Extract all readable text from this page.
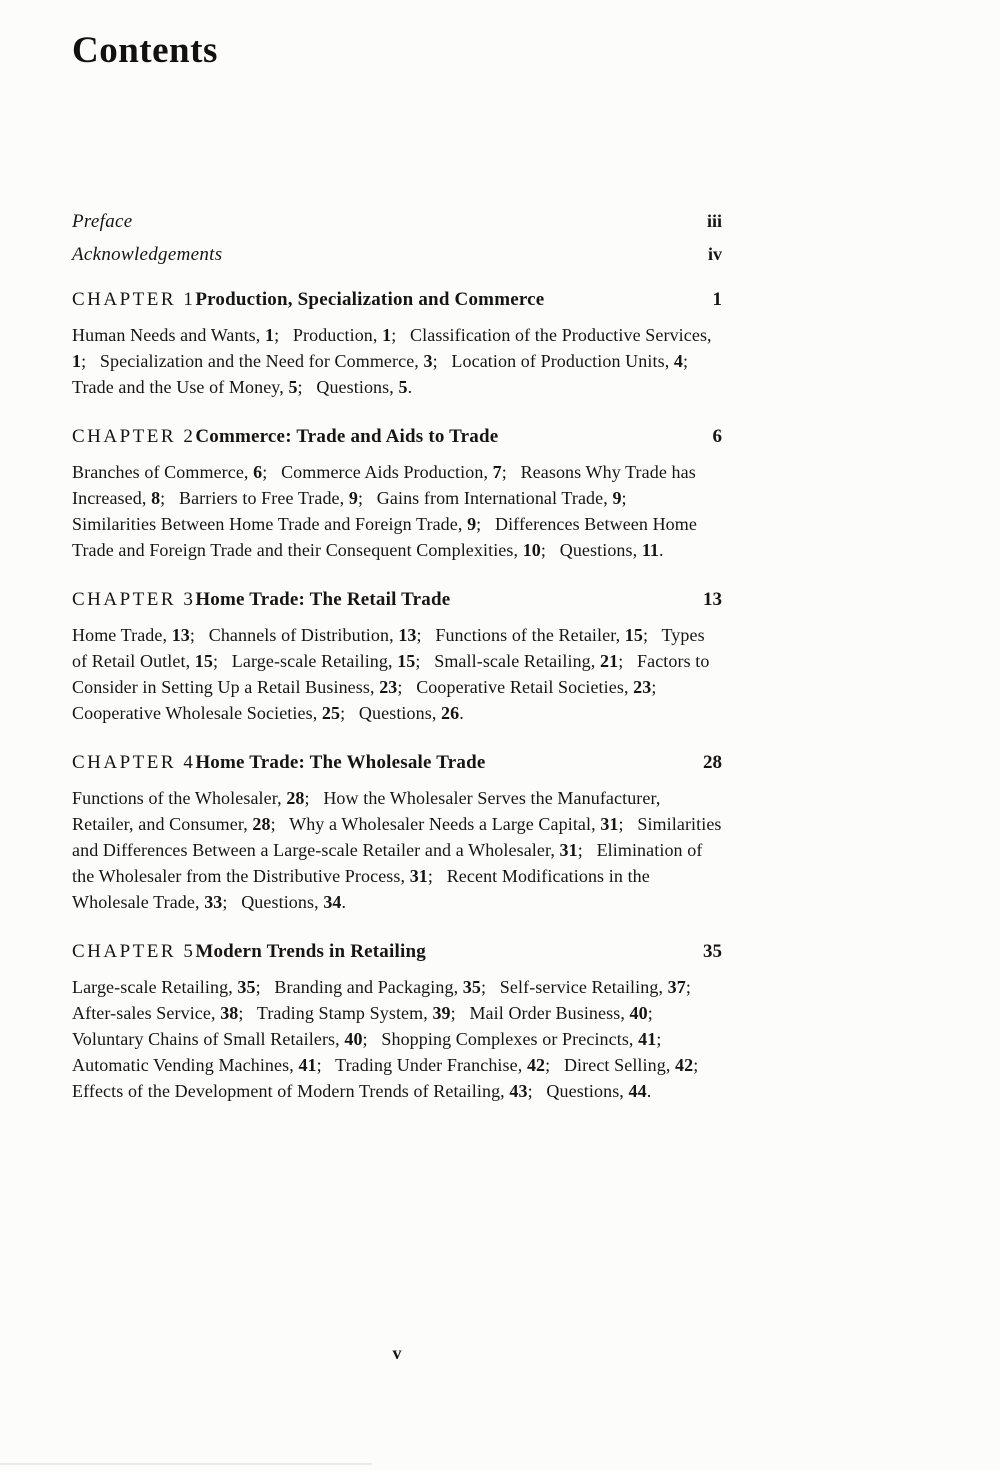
Contents
Preface	iii
Acknowledgements	iv
CHAPTER 1 Production, Specialization and Commerce	1
Human Needs and Wants, 1;  Production, 1;  Classification of the Productive Services, 1;  Specialization and the Need for Commerce, 3;  Location of Production Units, 4;  Trade and the Use of Money, 5;  Questions, 5.
CHAPTER 2 Commerce: Trade and Aids to Trade	6
Branches of Commerce, 6;  Commerce Aids Production, 7;  Reasons Why Trade has Increased, 8;  Barriers to Free Trade, 9;  Gains from International Trade, 9;  Similarities Between Home Trade and Foreign Trade, 9;  Differences Between Home Trade and Foreign Trade and their Consequent Complexities, 10;  Questions, 11.
CHAPTER 3 Home Trade: The Retail Trade	13
Home Trade, 13;  Channels of Distribution, 13;  Functions of the Retailer, 15;  Types of Retail Outlet, 15;  Large-scale Retailing, 15;  Small-scale Retailing, 21;  Factors to Consider in Setting Up a Retail Business, 23;  Cooperative Retail Societies, 23;  Cooperative Wholesale Societies, 25;  Questions, 26.
CHAPTER 4 Home Trade: The Wholesale Trade	28
Functions of the Wholesaler, 28;  How the Wholesaler Serves the Manufacturer, Retailer, and Consumer, 28;  Why a Wholesaler Needs a Large Capital, 31;  Similarities and Differences Between a Large-scale Retailer and a Wholesaler, 31;  Elimination of the Wholesaler from the Distributive Process, 31;  Recent Modifications in the Wholesale Trade, 33;  Questions, 34.
CHAPTER 5 Modern Trends in Retailing	35
Large-scale Retailing, 35;  Branding and Packaging, 35;  Self-service Retailing, 37;  After-sales Service, 38;  Trading Stamp System, 39;  Mail Order Business, 40;  Voluntary Chains of Small Retailers, 40;  Shopping Complexes or Precincts, 41;  Automatic Vending Machines, 41;  Trading Under Franchise, 42;  Direct Selling, 42;  Effects of the Development of Modern Trends of Retailing, 43;  Questions, 44.
v
